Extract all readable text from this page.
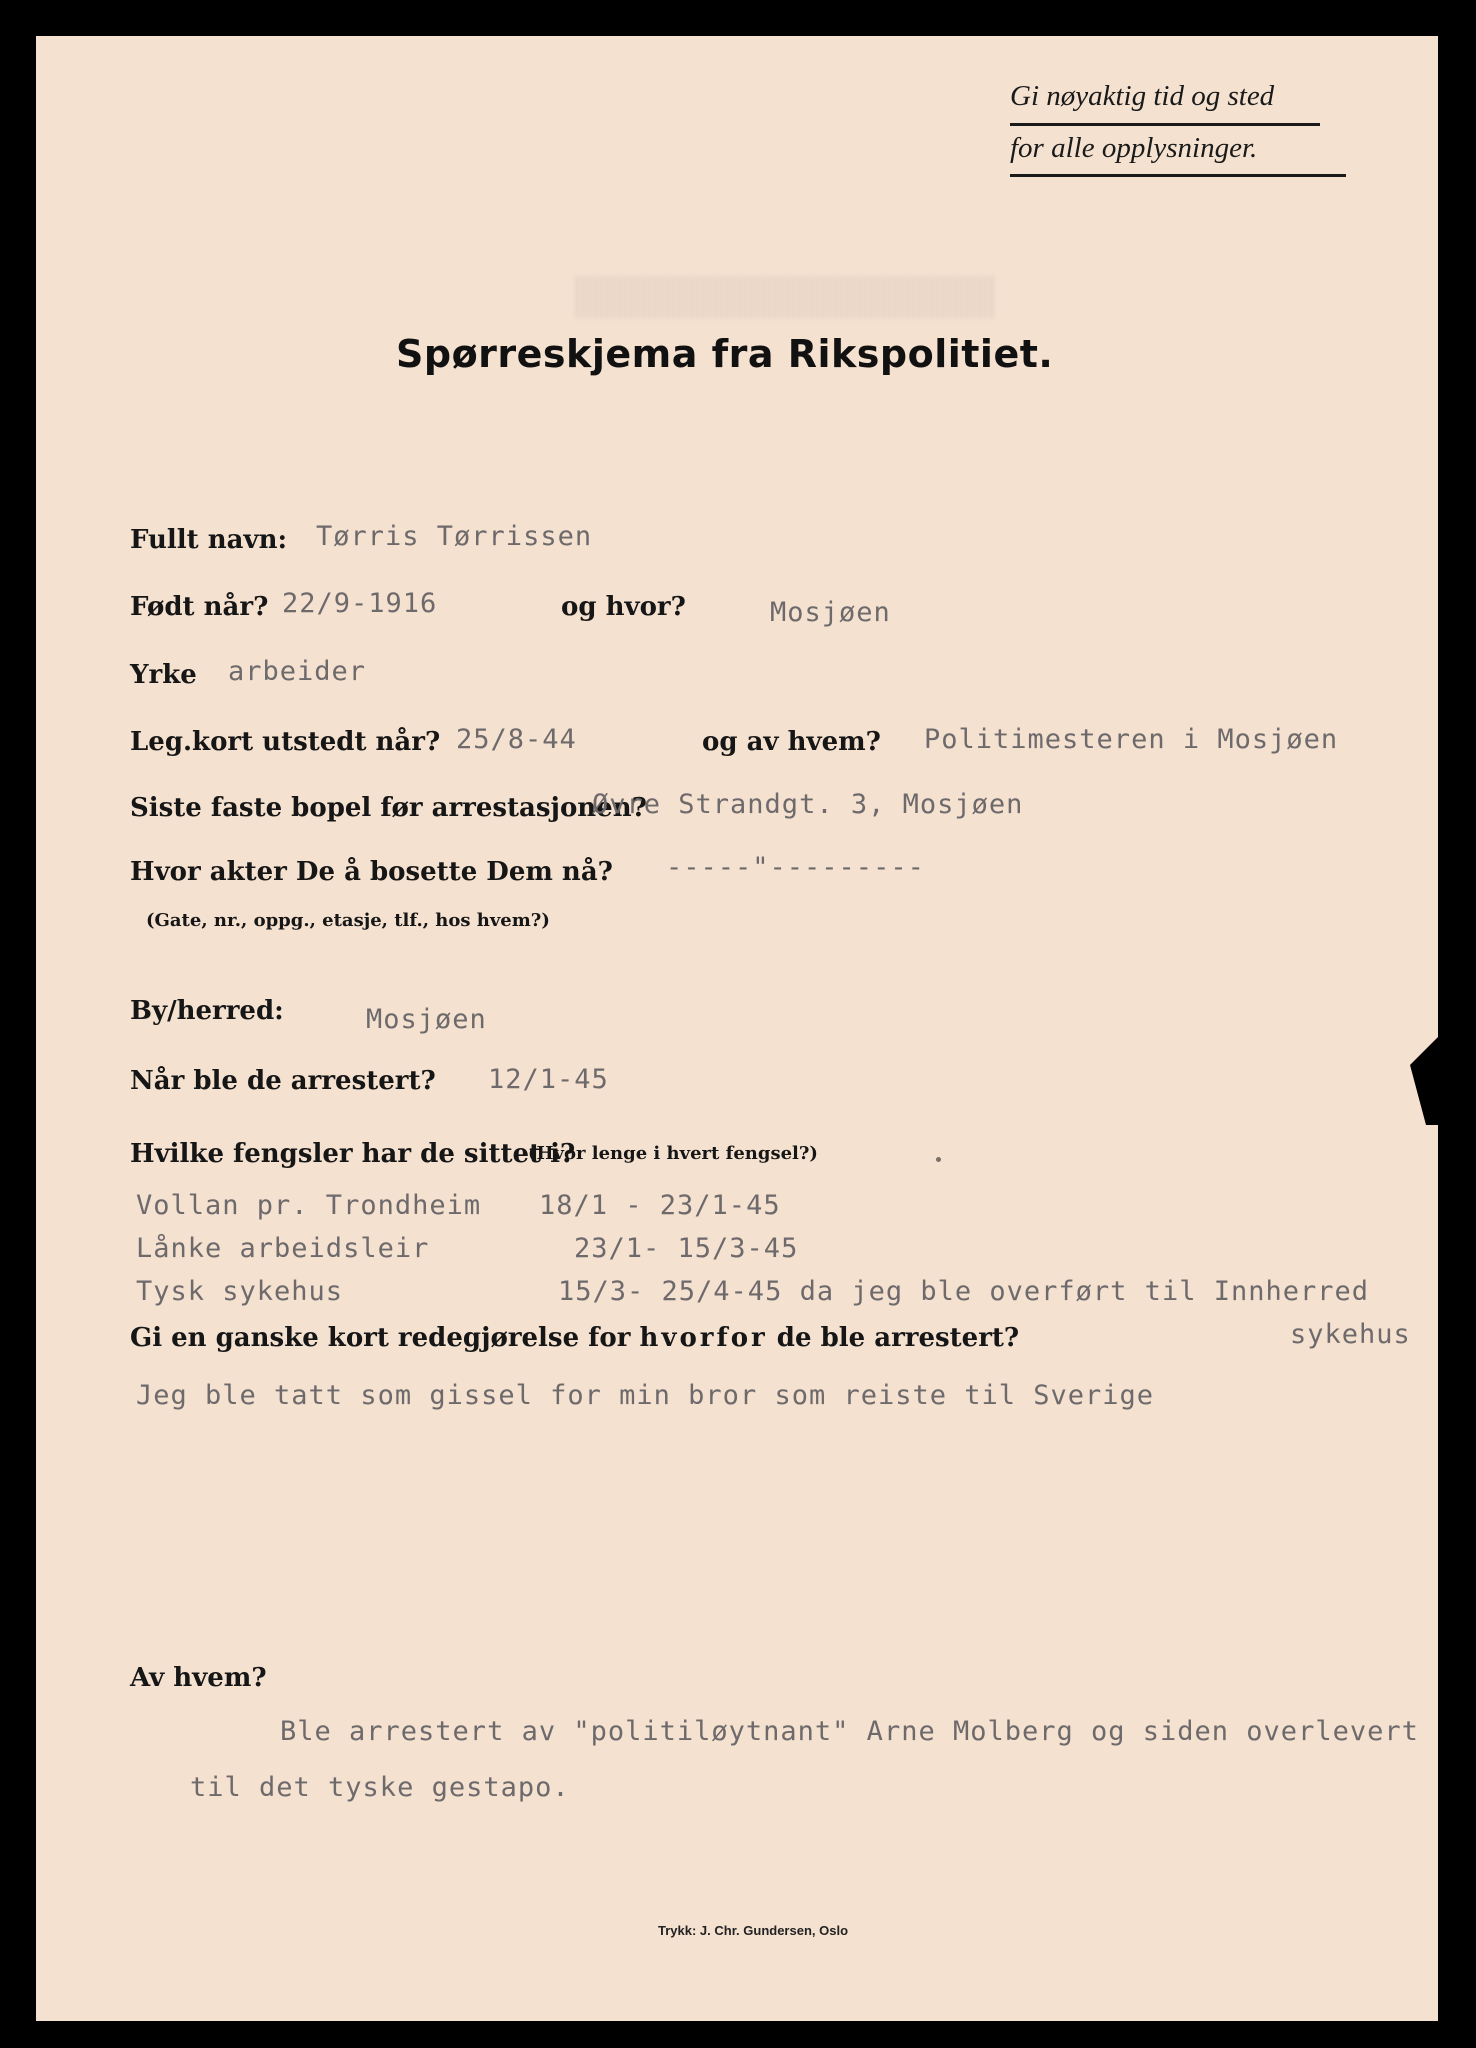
Gi nøyaktig tid og sted
for alle opplysninger.
Spørreskjema fra Rikspolitiet.
Fullt navn: Tørris Tørrissen
Født når? 22/9-1916	og hvor?	Mosjøen
Yrke arbeider
Leg.kort utstedt når? 25/8-44	og av hvem? Politimesteren i Mosjøen
Siste faste bopel før arrestasjonen?
Øvre Strandgt. 3, Mosjøen
Hvor akter De å bosette Dem nå?
(Gate, nr., oppg., etasje, tlf., hos hvem?)
-----"---------
By/herred:	Mosjøen
Når ble de arrestert? 12/1-45
Hvilke fengsler har de sittet i?
(Hvor lenge i hvert fengsel?)
Vollan pr. Trondheim 18/1 - 23/1-45
Lånke arbeidsleir	23/1- 15/3-45
Tysk sykehus	15/3- 25/4-45 da jeg ble overført til Innherred
sykehus
Gi en ganske kort redegjørelse for hvorfor de ble arrestert?
Jeg ble tatt som gissel for min bror som reiste til Sverige
Av hvem?
Ble arrestert av "politiløytnant" Arne Molberg og siden overlevert
til det tyske gestapo.
Trykk: J. Chr. Gundersen, Oslo
